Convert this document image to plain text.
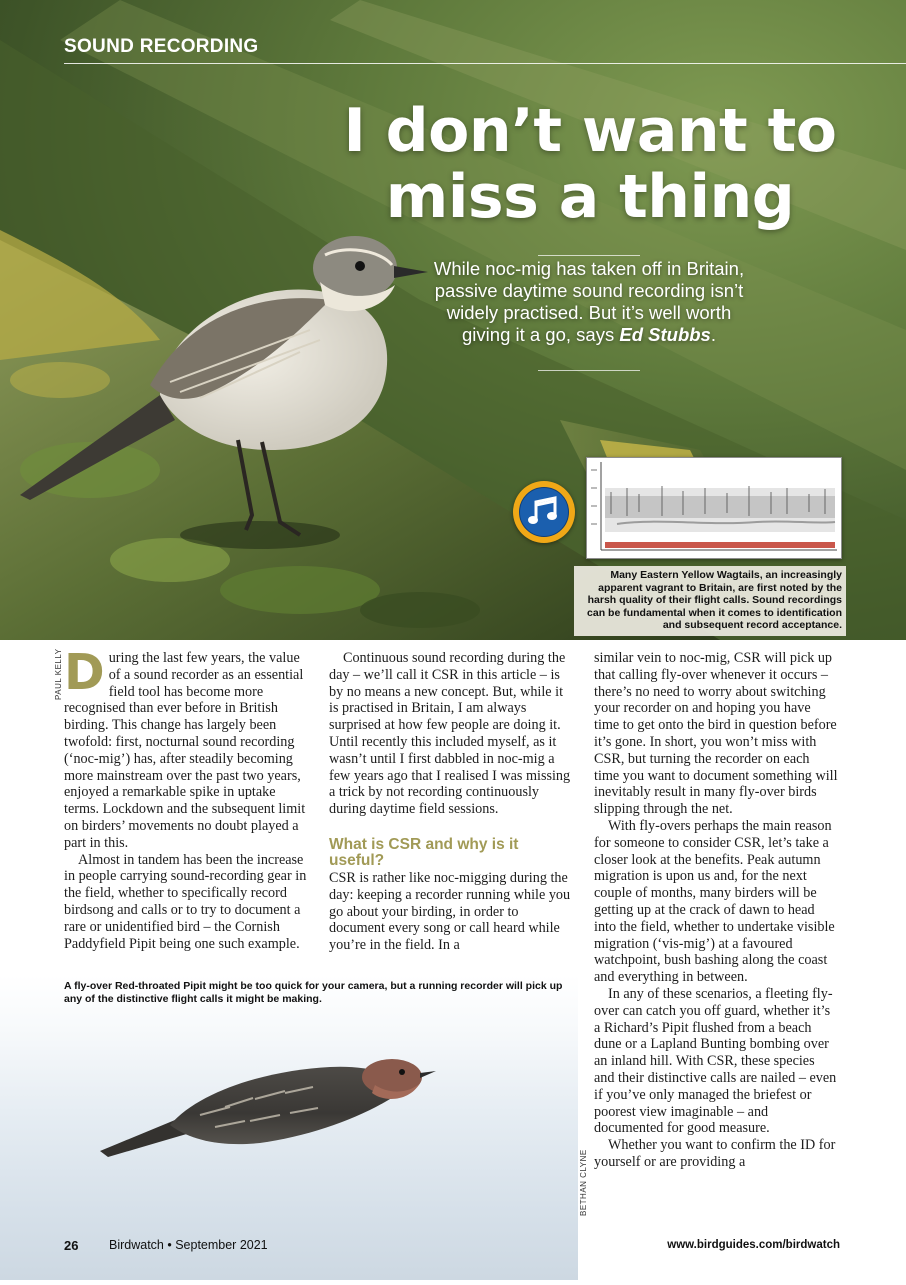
SOUND RECORDING
I don’t want to
miss a thing
While noc-mig has taken off in Britain, passive daytime sound recording isn’t widely practised. But it’s well worth giving it a go, says Ed Stubbs.
Many Eastern Yellow Wagtails, an increasingly apparent vagrant to Britain, are first noted by the harsh quality of their flight calls. Sound recordings can be fundamental when it comes to identification and subsequent record acceptance.
PAUL KELLY During the last few years, the value of a sound recorder as an essential field tool has become more recognised than ever before in British birding. This change has largely been twofold: first, nocturnal sound recording (‘noc-mig’) has, after steadily becoming more mainstream over the past two years, enjoyed a remarkable spike in uptake terms. Lockdown and the subsequent limit on birders’ movements no doubt played a part in this.

Almost in tandem has been the increase in people carrying sound-recording gear in the field, whether to specifically record birdsong and calls or to try to document a rare or unidentified bird – the Cornish Paddyfield Pipit being one such example.

Continuous sound recording during the day – we’ll call it CSR in this article – is by no means a new concept. But, while it is practised in Britain, I am always surprised at how few people are doing it. Until recently this included myself, as it wasn’t until I first dabbled in noc-mig a few years ago that I realised I was missing a trick by not recording continuously during daytime field sessions.

What is CSR and why is it useful?

CSR is rather like noc-migging during the day: keeping a recorder running while you go about your birding, in order to document every song or call heard while you’re in the field. In a

similar vein to noc-mig, CSR will pick up that calling fly-over whenever it occurs – there’s no need to worry about switching your recorder on and hoping you have time to get onto the bird in question before it’s gone. In short, you won’t miss with CSR, but turning the recorder on each time you want to document something will inevitably result in many fly-over birds slipping through the net.

With fly-overs perhaps the main reason for someone to consider CSR, let’s take a closer look at the benefits. Peak autumn migration is upon us and, for the next couple of months, many birders will be getting up at the crack of dawn to head into the field, whether to undertake visible migration (‘vis-mig’) at a favoured watchpoint, bush bashing along the coast and everything in between.

In any of these scenarios, a fleeting fly-over can catch you off guard, whether it’s a Richard’s Pipit flushed from a beach dune or a Lapland Bunting bombing over an inland hill. With CSR, these species and their distinctive calls are nailed – even if you’ve only managed the briefest or poorest view imaginable – and documented for good measure.

Whether you want to confirm the ID for yourself or are providing a

A fly-over Red-throated Pipit might be too quick for your camera, but a running recorder will pick up any of the distinctive flight calls it might be making.
BETHAN CLYNE
26 Birdwatch • September 2021	www.birdguides.com/birdwatch
